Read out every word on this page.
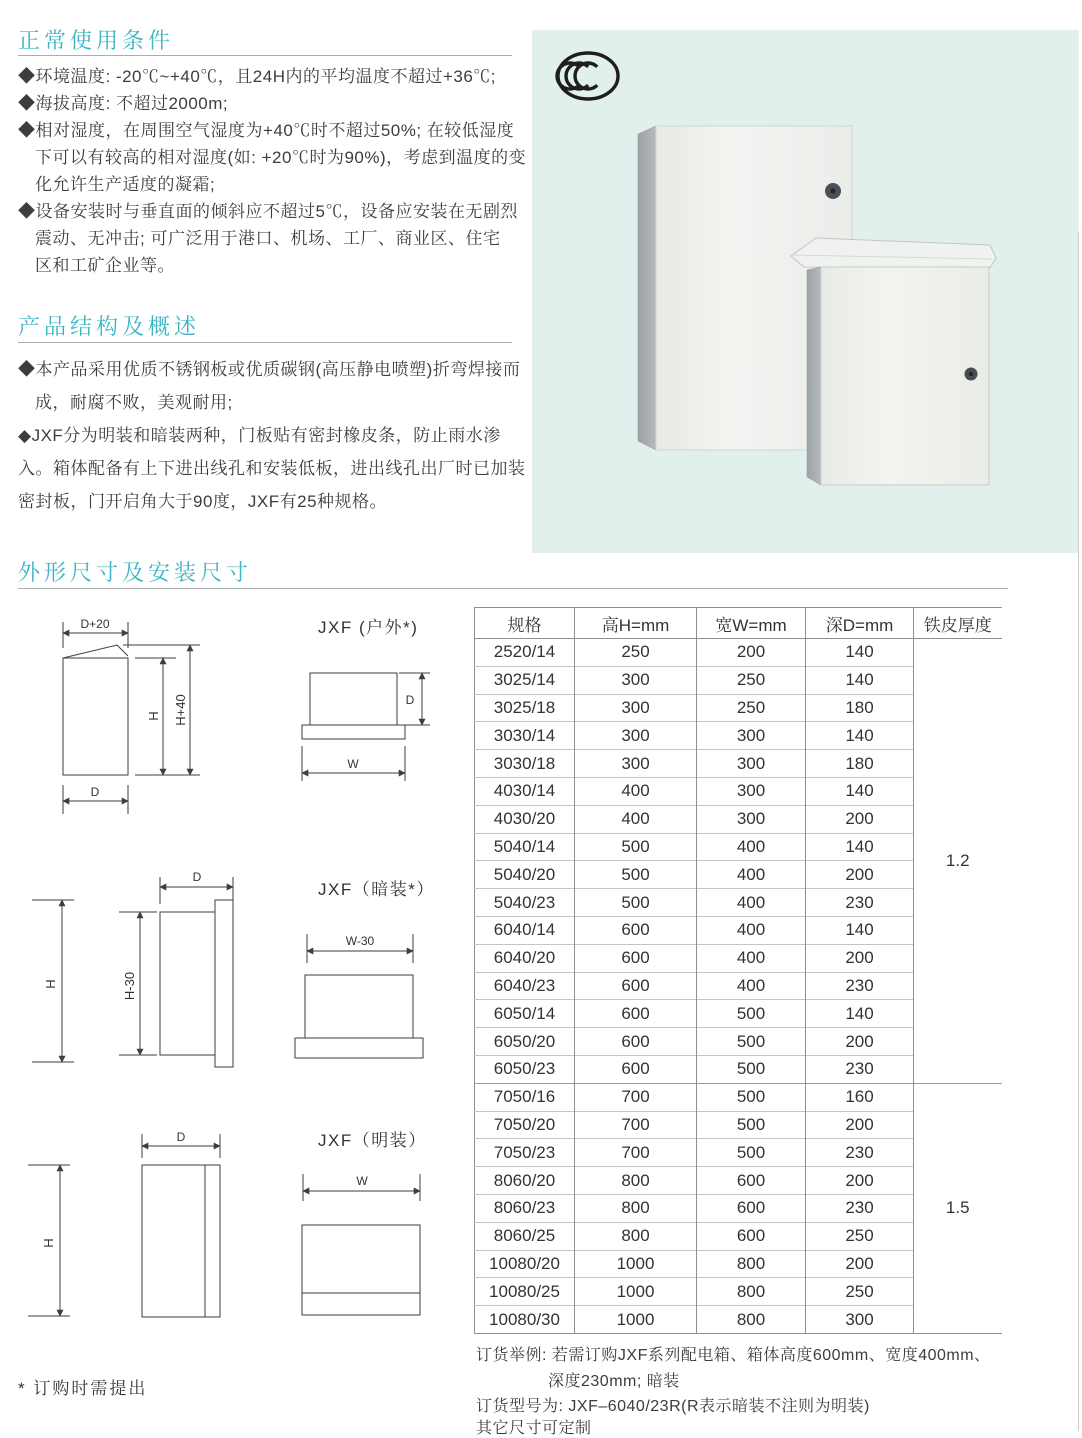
正常使用条件
◆环境温度: -20℃~+40℃，且24H内的平均温度不超过+36℃;
◆海拔高度: 不超过2000m;
◆相对湿度，在周围空气湿度为+40℃时不超过50%; 在较低湿度
下可以有较高的相对湿度(如: +20℃时为90%)，考虑到温度的变
化允许生产适度的凝霜;
◆设备安装时与垂直面的倾斜应不超过5℃，设备应安装在无剧烈
震动、无冲击; 可广泛用于港口、机场、工厂、商业区、住宅
区和工矿企业等。
产品结构及概述
◆本产品采用优质不锈钢板或优质碳钢(高压静电喷塑)折弯焊接而
成，耐腐不败，美观耐用;
◆JXF分为明装和暗装两种，门板贴有密封橡皮条，防止雨水渗
入。箱体配备有上下进出线孔和安装低板，进出线孔出厂时已加装
密封板，门开启角大于90度，JXF有25种规格。
外形尺寸及安装尺寸
D+20
H H+40
D
D
W
D
H	H-30
W-30
D
H
W
JXF (户外*)
JXF（暗装*）
JXF（明装）
规格	高H=mm	宽W=mm	深D=mm	铁皮厚度
2520/14	250	200	140	1.2
3025/14	300	250	140	
3025/18	300	250	180	
3030/14	300	300	140	
3030/18	300	300	180	
4030/14	400	300	140	
4030/20	400	300	200	
5040/14	500	400	140	
5040/20	500	400	200	
5040/23	500	400	230	
6040/14	600	400	140	
6040/20	600	400	200	
6040/23	600	400	230	
6050/14	600	500	140	
6050/20	600	500	200	
6050/23	600	500	230	
7050/16	700	500	160	1.5
7050/20	700	500	200	
7050/23	700	500	230	
8060/20	800	600	200	
8060/23	800	600	230	
8060/25	800	600	250	
10080/20	1000	800	200	
10080/25	1000	800	250	
10080/30	1000	800	300	
* 订购时需提出
订货举例: 若需订购JXF系列配电箱、箱体高度600mm、宽度400mm、
深度230mm; 暗装
订货型号为: JXF–6040/23R(R表示暗装不注则为明装)
其它尺寸可定制
